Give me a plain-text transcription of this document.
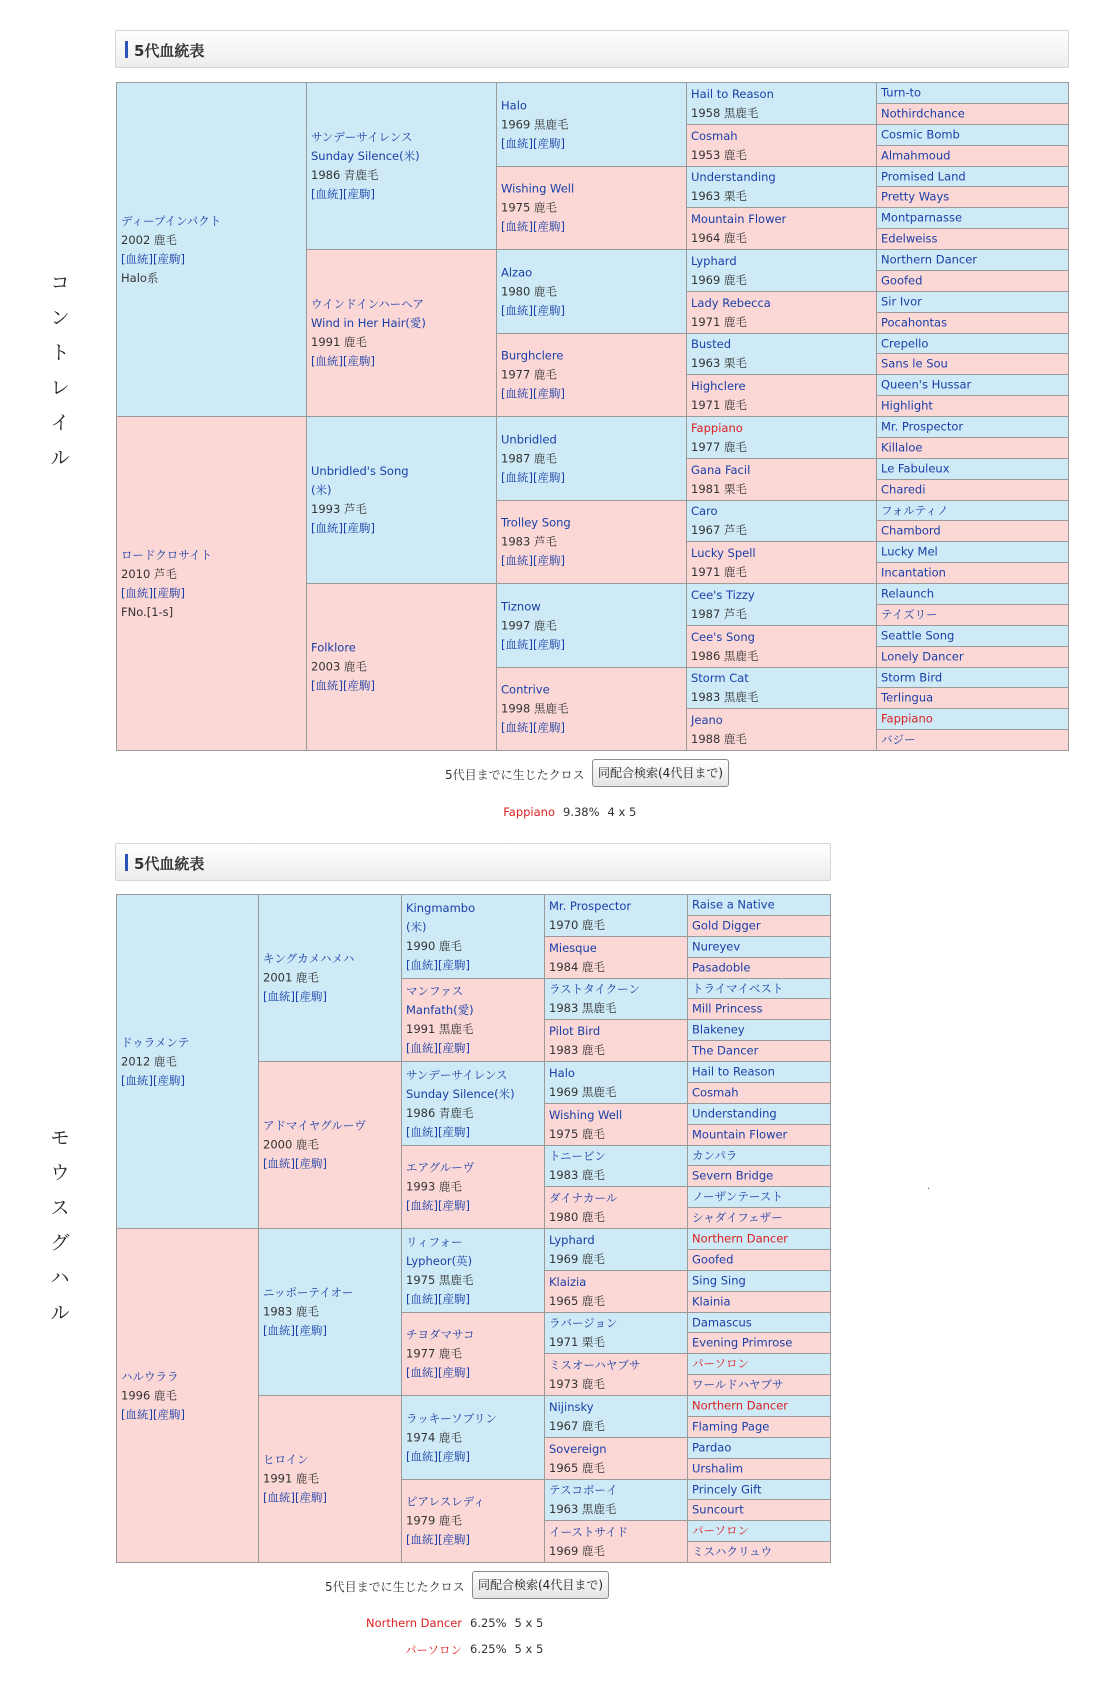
コ
ン
ト
レ
イ
ル
5代血統表
ディープインパクト
2002 鹿毛
[血統][産駒]
Halo系
ロードクロサイト
2010 芦毛
[血統][産駒]
FNo.[1-s]
サンデーサイレンス
Sunday Silence(米)
1986 青鹿毛
[血統][産駒]
ウインドインハーヘア
Wind in Her Hair(愛)
1991 鹿毛
[血統][産駒]
Unbridled's Song
(米)
1993 芦毛
[血統][産駒]
Folklore
2003 鹿毛
[血統][産駒]
Halo
1969 黒鹿毛
[血統][産駒]
Wishing Well
1975 鹿毛
[血統][産駒]
Alzao
1980 鹿毛
[血統][産駒]
Burghclere
1977 鹿毛
[血統][産駒]
Unbridled
1987 鹿毛
[血統][産駒]
Trolley Song
1983 芦毛
[血統][産駒]
Tiznow
1997 鹿毛
[血統][産駒]
Contrive
1998 黒鹿毛
[血統][産駒]
Hail to Reason
1958 黒鹿毛
Cosmah
1953 鹿毛
Understanding
1963 栗毛
Mountain Flower
1964 鹿毛
Lyphard
1969 鹿毛
Lady Rebecca
1971 鹿毛
Busted
1963 栗毛
Highclere
1971 鹿毛
Fappiano
1977 鹿毛
Gana Facil
1981 栗毛
Caro
1967 芦毛
Lucky Spell
1971 鹿毛
Cee's Tizzy
1987 芦毛
Cee's Song
1986 黒鹿毛
Storm Cat
1983 黒鹿毛
Jeano
1988 鹿毛
Turn-to
Nothirdchance
Cosmic Bomb
Almahmoud
Promised Land
Pretty Ways
Montparnasse
Edelweiss
Northern Dancer
Goofed
Sir Ivor
Pocahontas
Crepello
Sans le Sou
Queen's Hussar
Highlight
Mr. Prospector
Killaloe
Le Fabuleux
Charedi
フォルティノ
Chambord
Lucky Mel
Incantation
Relaunch
テイズリー
Seattle Song
Lonely Dancer
Storm Bird
Terlingua
Fappiano
バジー
5代目までに生じたクロス	同配合検索(4代目まで)
Fappiano 9.38% 4 x 5
モ
ウ
ス
グ
ハ
ル
5代血統表
ドゥラメンテ
2012 鹿毛
[血統][産駒]
ハルウララ
1996 鹿毛
[血統][産駒]
キングカメハメハ
2001 鹿毛
[血統][産駒]
アドマイヤグルーヴ
2000 鹿毛
[血統][産駒]
ニッポーテイオー
1983 鹿毛
[血統][産駒]
ヒロイン
1991 鹿毛
[血統][産駒]
Kingmambo
(米)
1990 鹿毛
[血統][産駒]
マンファス
Manfath(愛)
1991 黒鹿毛
[血統][産駒]
サンデーサイレンス
Sunday Silence(米)
1986 青鹿毛
[血統][産駒]
エアグルーヴ
1993 鹿毛
[血統][産駒]
リィフォー
Lypheor(英)
1975 黒鹿毛
[血統][産駒]
チヨダマサコ
1977 鹿毛
[血統][産駒]
ラッキーソブリン
1974 鹿毛
[血統][産駒]
ピアレスレディ
1979 鹿毛
[血統][産駒]
Mr. Prospector
1970 鹿毛
Miesque
1984 鹿毛
ラストタイクーン
1983 黒鹿毛
Pilot Bird
1983 鹿毛
Halo
1969 黒鹿毛
Wishing Well
1975 鹿毛
トニービン
1983 鹿毛
ダイナカール
1980 鹿毛
Lyphard
1969 鹿毛
Klaizia
1965 鹿毛
ラバージョン
1971 栗毛
ミスオーハヤブサ
1973 鹿毛
Nijinsky
1967 鹿毛
Sovereign
1965 鹿毛
テスコボーイ
1963 黒鹿毛
イーストサイド
1969 鹿毛
Raise a Native
Gold Digger
Nureyev
Pasadoble
トライマイベスト
Mill Princess
Blakeney
The Dancer
Hail to Reason
Cosmah
Understanding
Mountain Flower
カンパラ
Severn Bridge
ノーザンテースト
シャダイフェザー
Northern Dancer
Goofed
Sing Sing
Klainia
Damascus
Evening Primrose
パーソロン
ワールドハヤブサ
Northern Dancer
Flaming Page
Pardao
Urshalim
Princely Gift
Suncourt
パーソロン
ミスハクリュウ
5代目までに生じたクロス	同配合検索(4代目まで)
Northern Dancer 6.25% 5 x 5
パーソロン 6.25% 5 x 5
.
